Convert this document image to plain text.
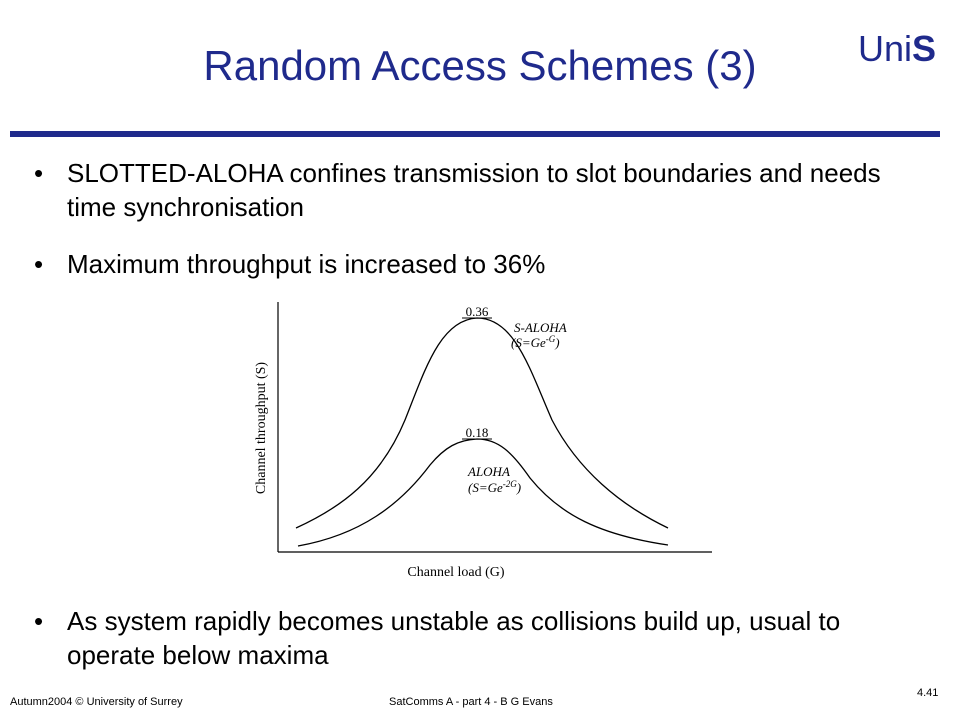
Random Access Schemes (3)	UniS
• SLOTTED-ALOHA confines transmission to slot boundaries and needs time synchronisation
• Maximum throughput is increased to 36%
0.36
0.18
S-ALOHA
$(S=Ge^{-G})$
ALOHA
$(S=Ge^{-2G})$
Channel throughput (S)
Channel load (G)
• As system rapidly becomes unstable as collisions build up, usual to operate below maxima
Autumn2004 © University of Surrey	SatComms A - part 4 - B G Evans
4.41
